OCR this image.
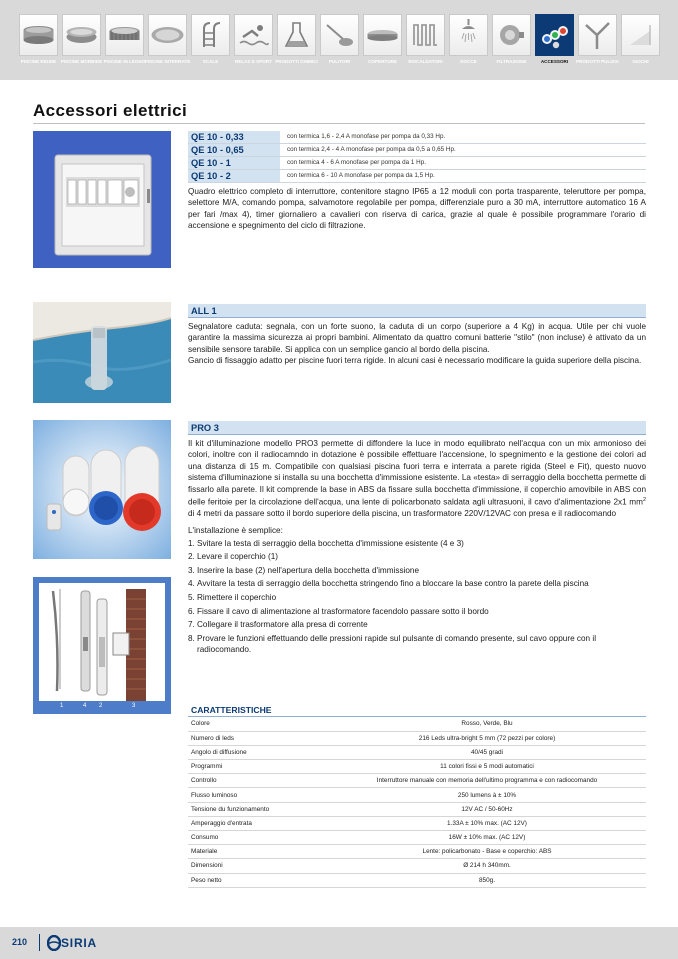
PISCINE RIGIDE PISCINE MORBIDE PISCINE IN LEGNO PISCINE INTERRATE	SCALE	RELAX E SPORT PRODOTTI CHIMICI	PULITORI	COPERTURE	RISCALDATORI	DOCCE	FILTRAZIONE	ACCESSORI	PRODOTTI PULIZIA	GIOCHI
Accessori elettrici
1	4 2	3
QE 10 - 0,33	con termica 1,6 - 2,4 A monofase per pompa da 0,33 Hp.
QE 10 - 0,65	con termica 2,4 - 4 A monofase per pompa da 0,5 a 0,65 Hp.
QE 10 - 1	con termica 4 - 6 A monofase per pompa da 1 Hp.
QE 10 - 2	con termica 6 - 10 A monofase per pompa da 1,5 Hp.

Quadro elettrico completo di interruttore, contenitore stagno IP65 a 12 moduli con porta trasparente, teleruttore per pompa, selettore M/A, comando pompa, salvamotore regolabile per pompa, differenziale puro a 30 mA, interruttore automatico 16 A per fari /max 4), timer giornaliero a cavalieri con riserva di carica, grazie al quale è possibile programmare l'orario di accensione e spegnimento del ciclo di filtrazione.

ALL 1

Segnalatore caduta: segnala, con un forte suono, la caduta di un corpo (superiore a 4 Kg) in acqua. Utile per chi vuole garantire la massima sicurezza ai propri bambini. Alimentato da quattro comuni batterie "stilo" (non incluse) è attivato da un sensibile sensore tarabile. Si applica con un semplice gancio al bordo della piscina.

Gancio di fissaggio adatto per piscine fuori terra rigide. In alcuni casi è necessario modificare la guida superiore della piscina.

PRO 3

Il kit d'illuminazione modello PRO3 permette di diffondere la luce in modo equilibrato nell'acqua con un mix armonioso dei colori, inoltre con il radiocamndo in dotazione è possibile effettuare l'accensione, lo spegnimento e la gestione dei colori ad una distanza di 15 m. Compatibile con qualsiasi piscina fuori terra e interrata a parete rigida (Steel e Fit), questo nuovo sistema d'illuminazione si installa su una bocchetta d'immissione esistente. La «testa» di serraggio della bocchetta permette di fissarlo alla parete. Il kit comprende la base in ABS da fissare sulla bocchetta d'immissione, il coperchio amovibile in ABS con delle feritoie per la circolazione dell'acqua, una lente di policarbonato saldata agli ultrasuoni, il cavo d'alimentazione 2x1 $mm^2$ di 4 metri da passare sotto il bordo superiore della piscina, un trasformatore 220V/12VAC con presa e il radiocomando

L'installazione è semplice:

1. Svitare la testa di serraggio della bocchetta d'immissione esistente (4 e 3)
2. Levare il coperchio (1)
3. Inserire la base (2) nell'apertura della bocchetta d'immissione
4. Avvitare la testa di serraggio della bocchetta stringendo fino a bloccare la base contro la parete della piscina
5. Rimettere il coperchio
6. Fissare il cavo di alimentazione al trasformatore facendolo passare sotto il bordo
7. Collegare il trasformatore alla presa di corrente
8. Provare le funzioni effettuando delle pressioni rapide sul pulsante di comando presente, sul cavo oppure con il
radiocomando.
CARATTERISTICHE
Colore	Rosso, Verde, Blu
Numero di leds	216 Leds ultra-bright 5 mm (72 pezzi per colore)
Angolo di diffusione	40/45 gradi
Programmi	11 colori fissi e 5 modi automatici
Controllo	Interruttore manuale con memoria dell'ultimo programma e con radiocomando
Flusso luminoso	250 lumens à ± 10%
Tensione du funzionamento	12V AC / 50-60Hz
Amperaggio d'entrata	1.33A ± 10% max. (AC 12V)
Consumo	16W ± 10% max. (AC 12V)
Materiale	Lente: policarbonato - Base e coperchio: ABS
Dimensioni	Ø 214 h 340mm.
Peso netto	850g.
210	SIRIA
